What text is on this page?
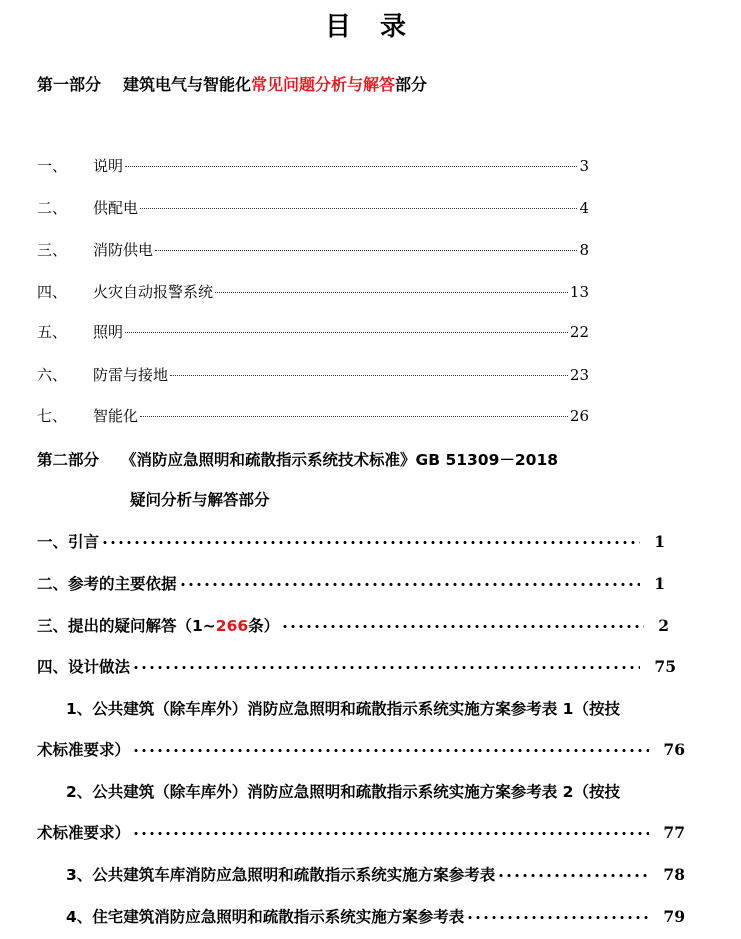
目 录
第一部分 建筑电气与智能化常见问题分析与解答部分
一、	说明	3
二、	供配电	4
三、	消防供电	8
四、	火灾自动报警系统	13
五、	照明	22
六、	防雷与接地	23
七、	智能化	26
第二部分 《消防应急照明和疏散指示系统技术标准》GB 51309－2018
疑问分析与解答部分
一、引言	1
二、参考的主要依据	1
三、提出的疑问解答（1~266条）	2
四、设计做法	75
1、公共建筑（除车库外）消防应急照明和疏散指示系统实施方案参考表 1（按技
术标准要求）	76
2、公共建筑（除车库外）消防应急照明和疏散指示系统实施方案参考表 2（按技
术标准要求）	77
3、公共建筑车库消防应急照明和疏散指示系统实施方案参考表	78
4、住宅建筑消防应急照明和疏散指示系统实施方案参考表	79
